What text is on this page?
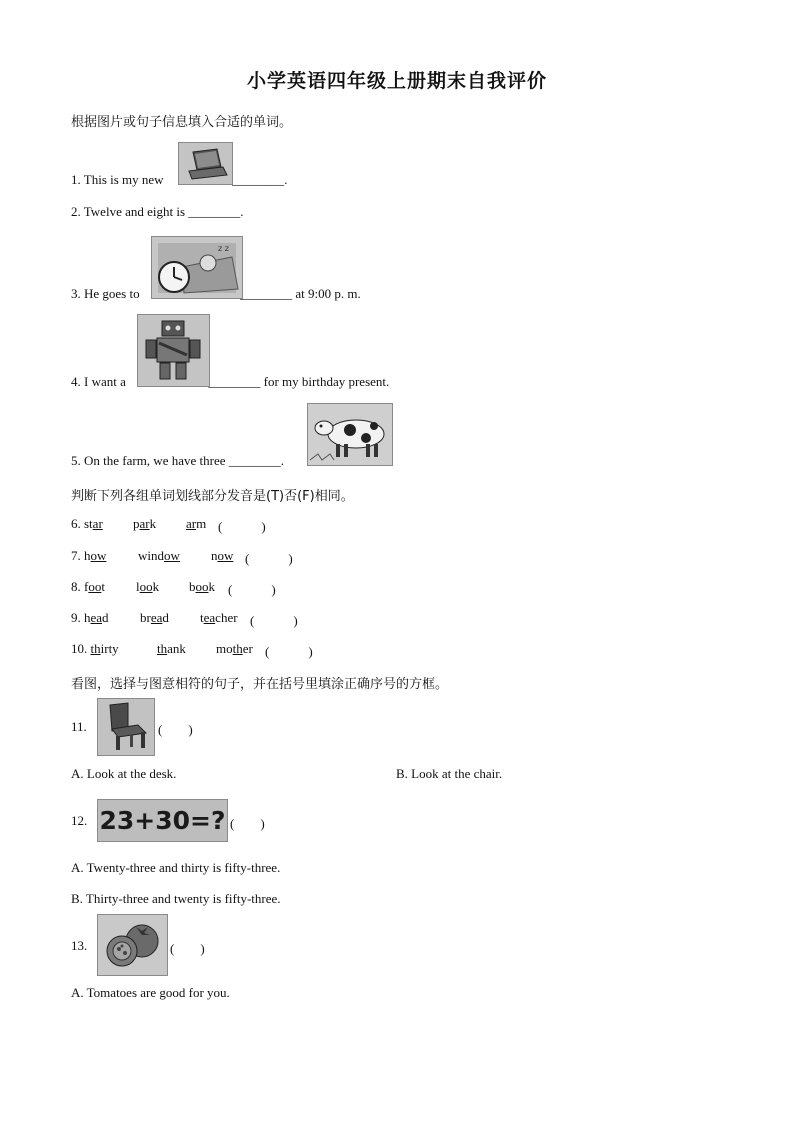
小学英语四年级上册期末自我评价
根据图片或句子信息填入合适的单词。
1. This is my new	________.
2. Twelve and eight is ________.
z z
3. He goes to	________ at 9:00 p. m.
4. I want a	________ for my birthday present.
5. On the farm, we have three ________.
判断下列各组单词划线部分发音是(T)否(F)相同。
6. star park arm (　　　)
7. how window now (　　　)
8. foot look book (　　　)
9. head bread teacher (　　　)
10. thirty	thank mother (　　　)
看图，选择与图意相符的句子，并在括号里填涂正确序号的方框。
11.	(　　)
A. Look at the desk.	B. Look at the chair.
12. 23+30=? (　　)
A. Twenty-three and thirty is fifty-three.
B. Thirty-three and twenty is fifty-three.
13.	(　　)
A. Tomatoes are good for you.
